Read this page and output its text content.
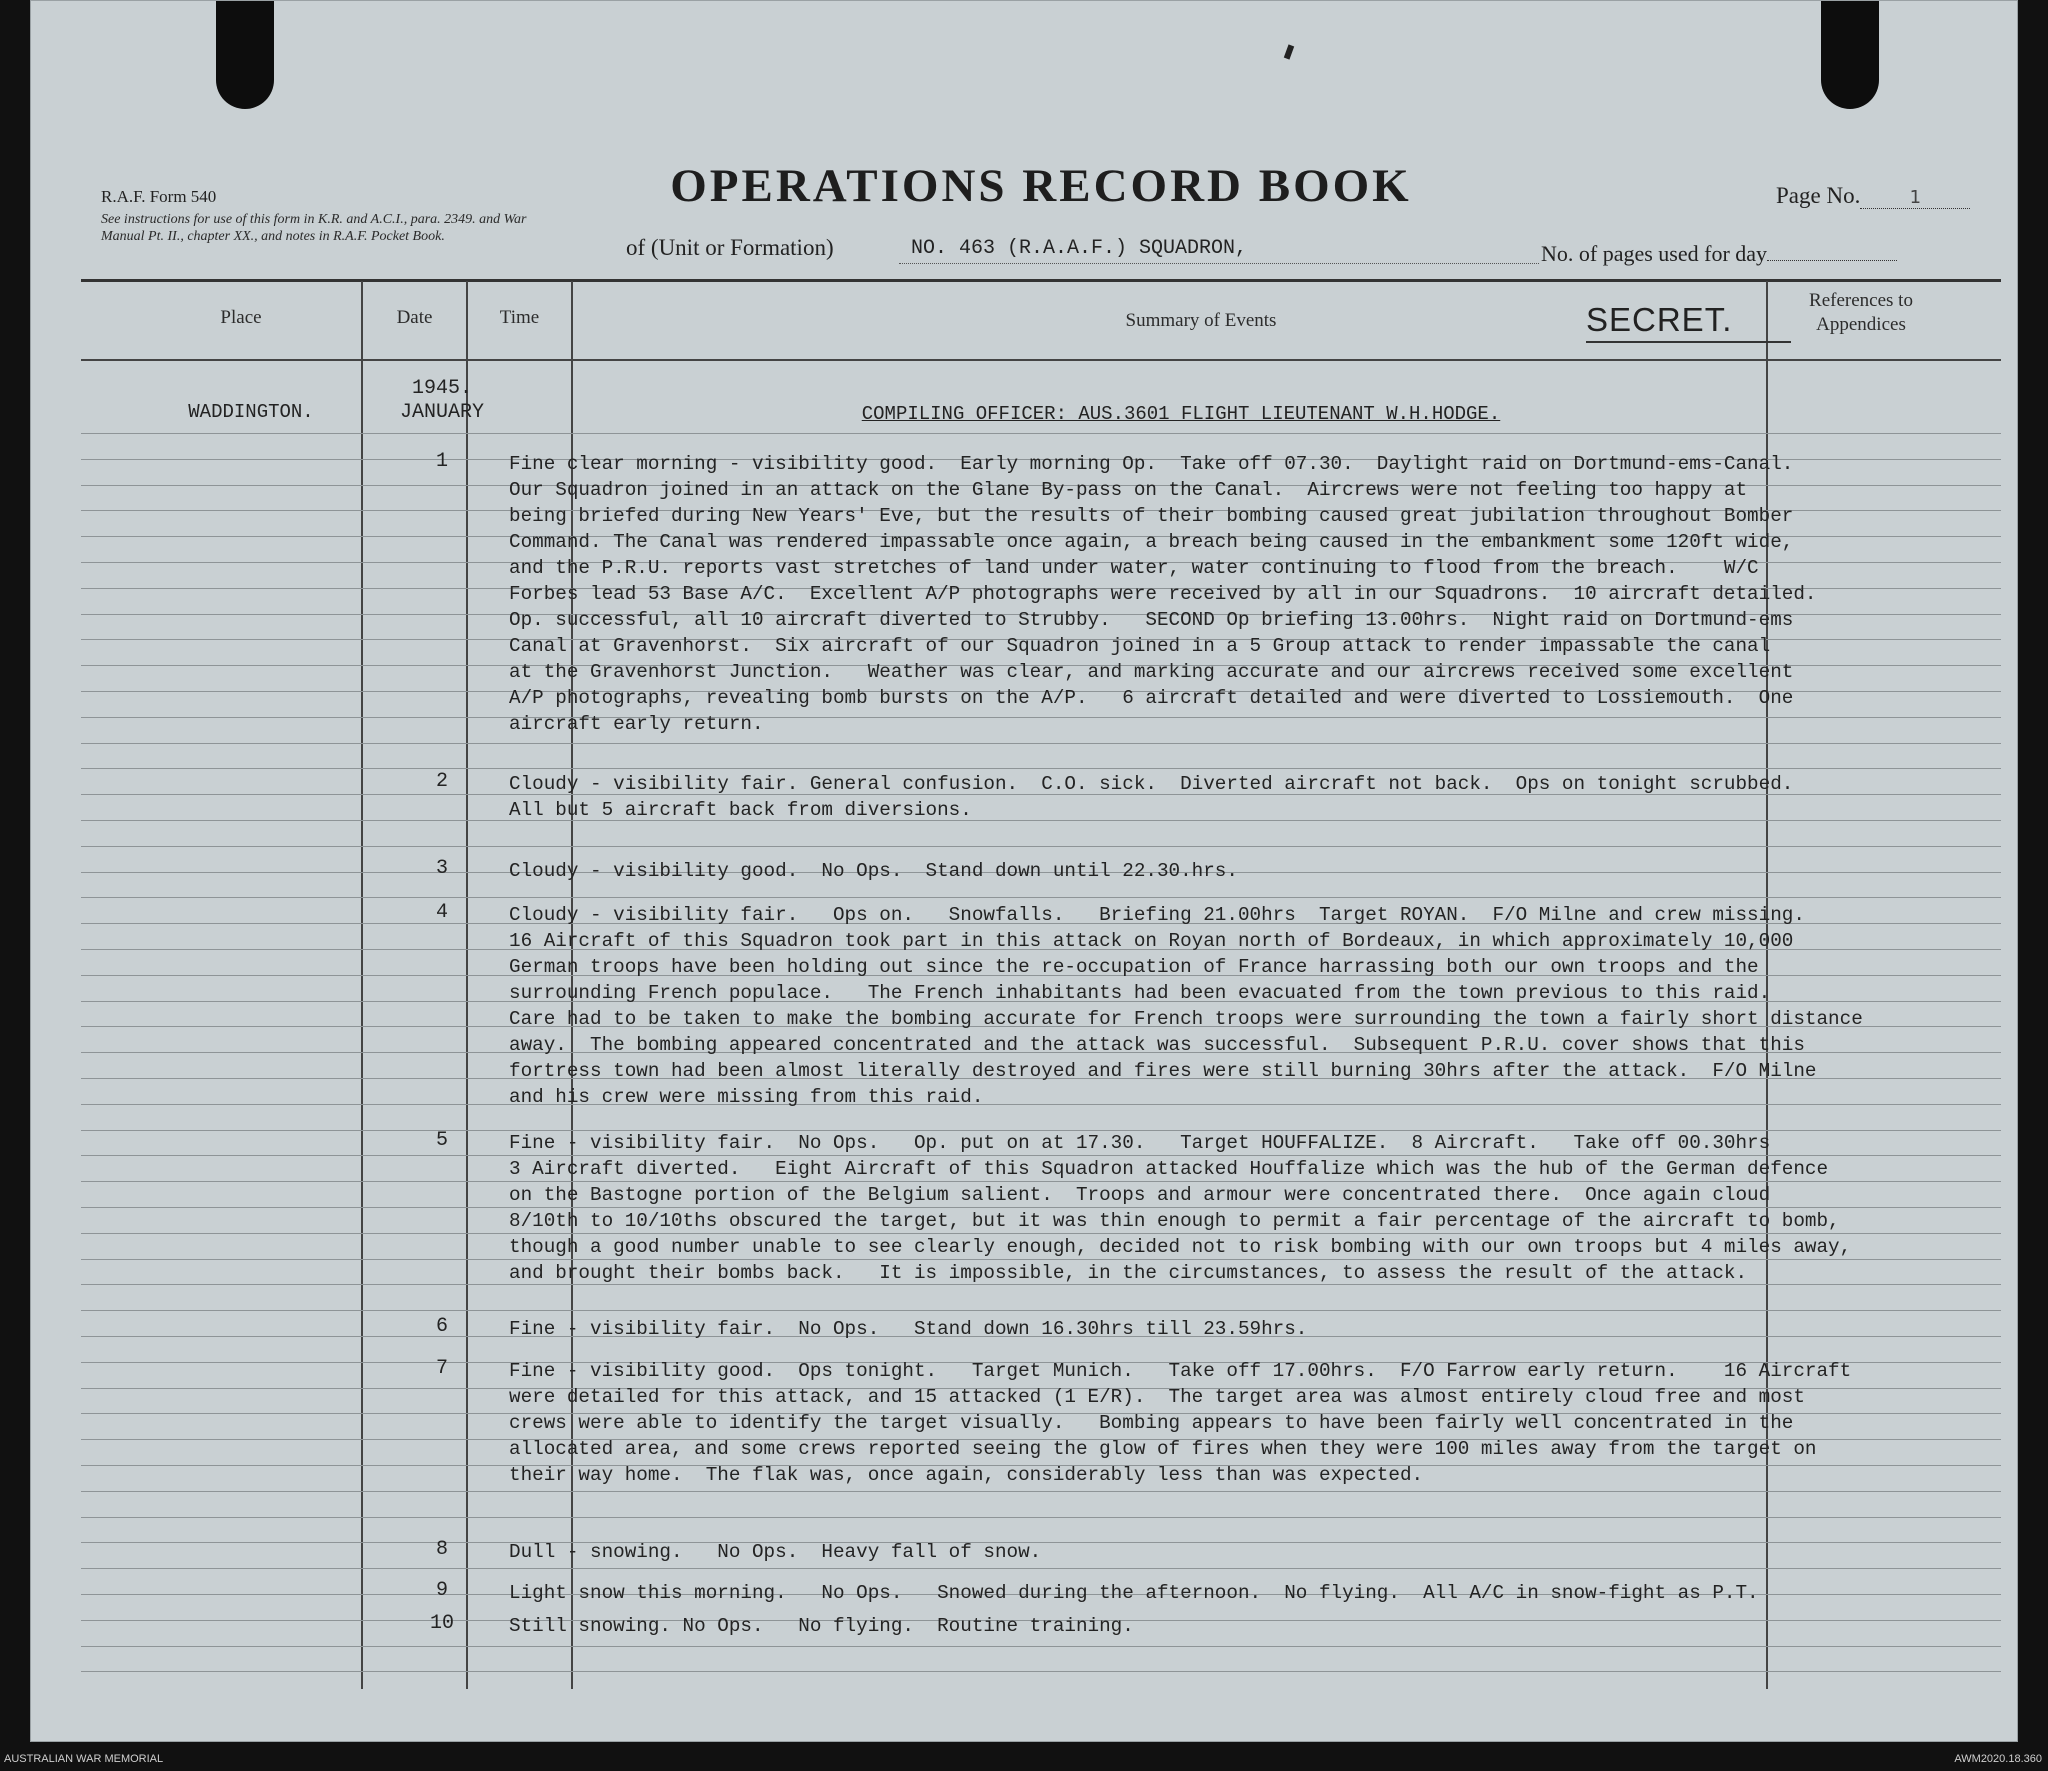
R.A.F. Form 540
See instructions for use of this form in K.R. and A.C.I., para. 2349. and War Manual Pt. II., chapter XX., and notes in R.A.F. Pocket Book.
OPERATIONS RECORD BOOK	Page No.	1
of (Unit or Formation)	NO. 463 (R.A.A.F.) SQUADRON,	No. of pages used for day
Place	Date	Time	Summary of Events
References to Appendices
SECRET.
WADDINGTON.
1945.
JANUARY	COMPILING OFFICER: AUS.3601 FLIGHT LIEUTENANT W.H.HODGE.
1	Fine clear morning - visibility good.  Early morning Op.  Take off 07.30.  Daylight raid on Dortmund-ems-Canal.
Our Squadron joined in an attack on the Glane By-pass on the Canal.  Aircrews were not feeling too happy at
being briefed during New Years' Eve, but the results of their bombing caused great jubilation throughout Bomber
Command. The Canal was rendered impassable once again, a breach being caused in the embankment some 120ft wide,
and the P.R.U. reports vast stretches of land under water, water continuing to flood from the breach.    W/C
Forbes lead 53 Base A/C.  Excellent A/P photographs were received by all in our Squadrons.  10 aircraft detailed.
Op. successful, all 10 aircraft diverted to Strubby.   SECOND Op briefing 13.00hrs.  Night raid on Dortmund-ems
Canal at Gravenhorst.  Six aircraft of our Squadron joined in a 5 Group attack to render impassable the canal
at the Gravenhorst Junction.   Weather was clear, and marking accurate and our aircrews received some excellent
A/P photographs, revealing bomb bursts on the A/P.   6 aircraft detailed and were diverted to Lossiemouth.  One
aircraft early return.
2	Cloudy - visibility fair. General confusion.  C.O. sick.  Diverted aircraft not back.  Ops on tonight scrubbed.
All but 5 aircraft back from diversions.
3	Cloudy - visibility good.  No Ops.  Stand down until 22.30.hrs.
4	Cloudy - visibility fair.   Ops on.   Snowfalls.   Briefing 21.00hrs  Target ROYAN.  F/O Milne and crew missing.
16 Aircraft of this Squadron took part in this attack on Royan north of Bordeaux, in which approximately 10,000
German troops have been holding out since the re-occupation of France harrassing both our own troops and the
surrounding French populace.   The French inhabitants had been evacuated from the town previous to this raid.
Care had to be taken to make the bombing accurate for French troops were surrounding the town a fairly short distance
away.  The bombing appeared concentrated and the attack was successful.  Subsequent P.R.U. cover shows that this
fortress town had been almost literally destroyed and fires were still burning 30hrs after the attack.  F/O Milne
and his crew were missing from this raid.
5	Fine - visibility fair.  No Ops.   Op. put on at 17.30.   Target HOUFFALIZE.  8 Aircraft.   Take off 00.30hrs
3 Aircraft diverted.   Eight Aircraft of this Squadron attacked Houffalize which was the hub of the German defence
on the Bastogne portion of the Belgium salient.  Troops and armour were concentrated there.  Once again cloud
8/10th to 10/10ths obscured the target, but it was thin enough to permit a fair percentage of the aircraft to bomb,
though a good number unable to see clearly enough, decided not to risk bombing with our own troops but 4 miles away,
and brought their bombs back.   It is impossible, in the circumstances, to assess the result of the attack.
6	Fine - visibility fair.  No Ops.   Stand down 16.30hrs till 23.59hrs.
7	Fine - visibility good.  Ops tonight.   Target Munich.   Take off 17.00hrs.  F/O Farrow early return.    16 Aircraft
were detailed for this attack, and 15 attacked (1 E/R).  The target area was almost entirely cloud free and most
crews were able to identify the target visually.   Bombing appears to have been fairly well concentrated in the
allocated area, and some crews reported seeing the glow of fires when they were 100 miles away from the target on
their way home.  The flak was, once again, considerably less than was expected.
8	Dull - snowing.   No Ops.  Heavy fall of snow.
9	Light snow this morning.   No Ops.   Snowed during the afternoon.  No flying.  All A/C in snow-fight as P.T.
10	Still snowing. No Ops.   No flying.  Routine training.
AUSTRALIAN WAR MEMORIAL	AWM2020.18.360
